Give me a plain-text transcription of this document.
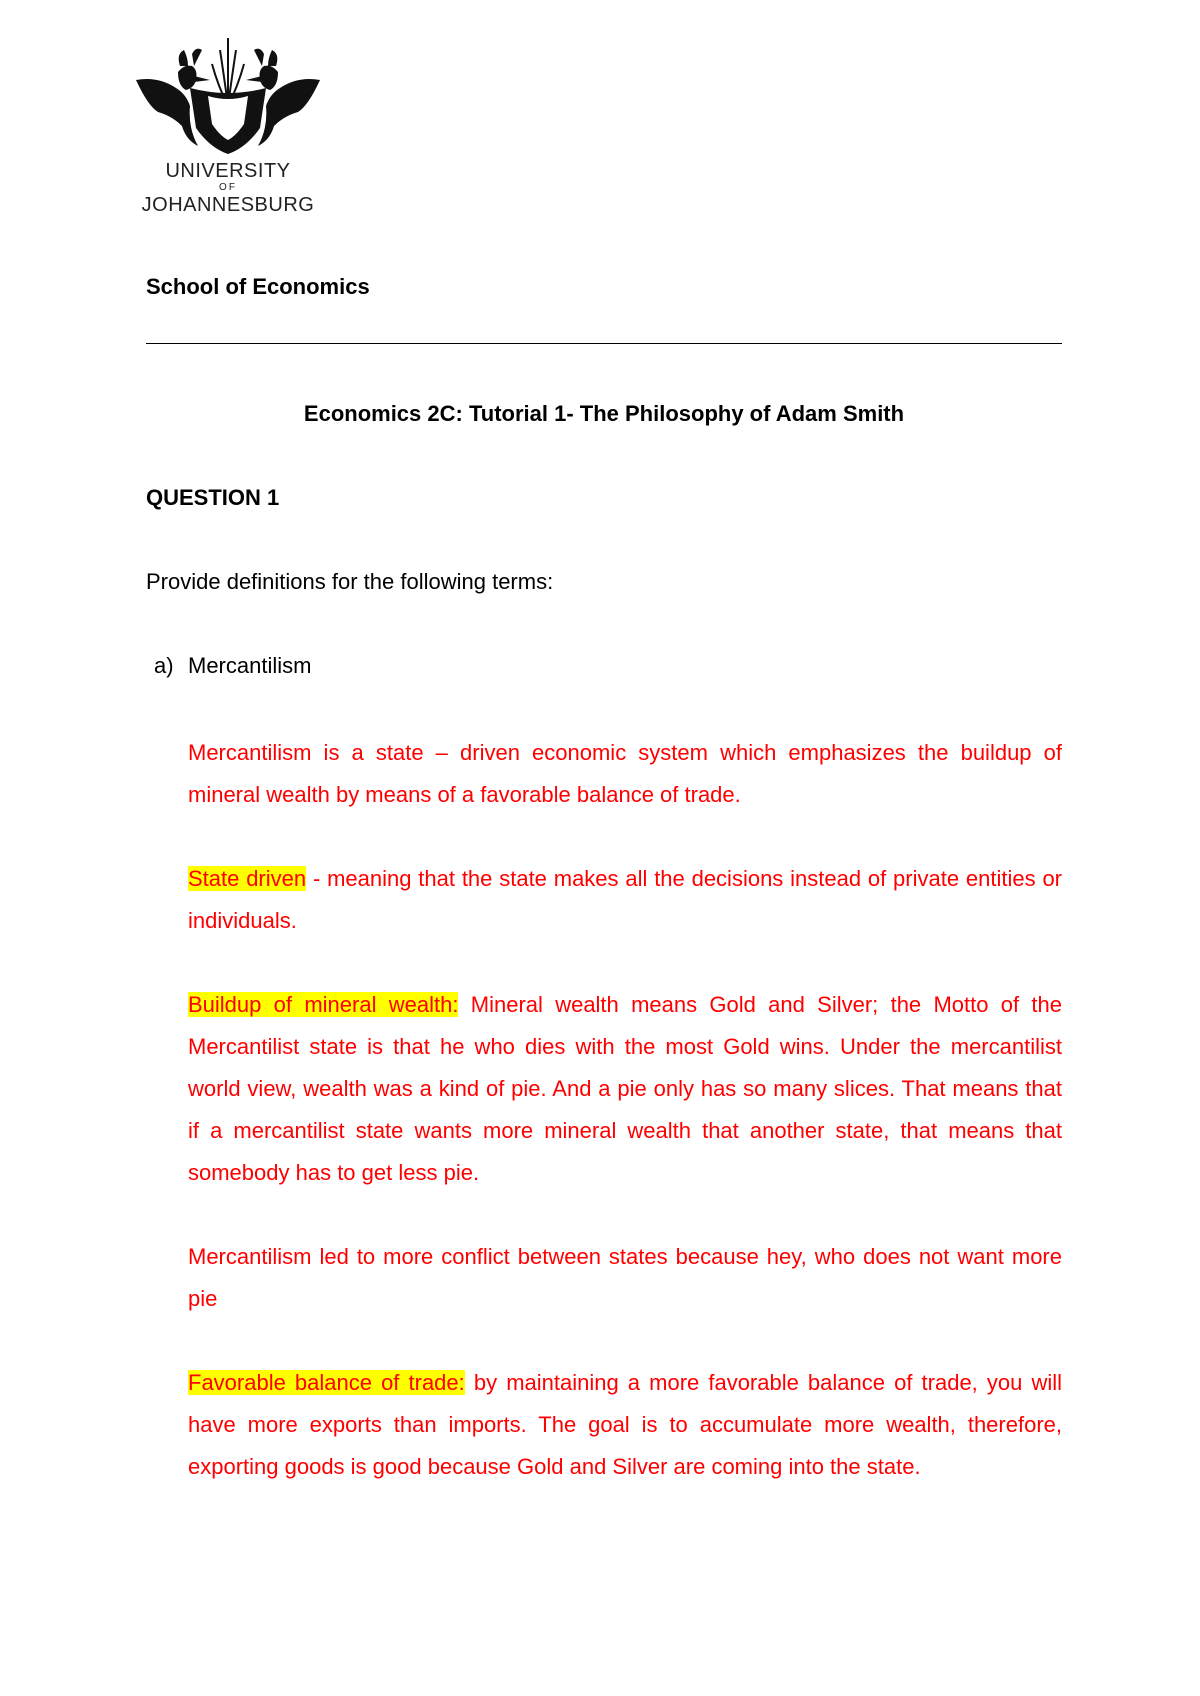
UNIVERSITY
OF
JOHANNESBURG
School of Economics
Economics 2C: Tutorial 1- The Philosophy of Adam Smith
QUESTION 1
Provide definitions for the following terms:
a) Mercantilism
Mercantilism is a state – driven economic system which emphasizes the buildup of mineral wealth by means of a favorable balance of trade.
State driven - meaning that the state makes all the decisions instead of private entities or individuals.
Buildup of mineral wealth: Mineral wealth means Gold and Silver; the Motto of the Mercantilist state is that he who dies with the most Gold wins. Under the mercantilist world view, wealth was a kind of pie. And a pie only has so many slices. That means that if a mercantilist state wants more mineral wealth that another state, that means that somebody has to get less pie.
Mercantilism led to more conflict between states because hey, who does not want more pie
Favorable balance of trade: by maintaining a more favorable balance of trade, you will have more exports than imports. The goal is to accumulate more wealth, therefore, exporting goods is good because Gold and Silver are coming into the state.
